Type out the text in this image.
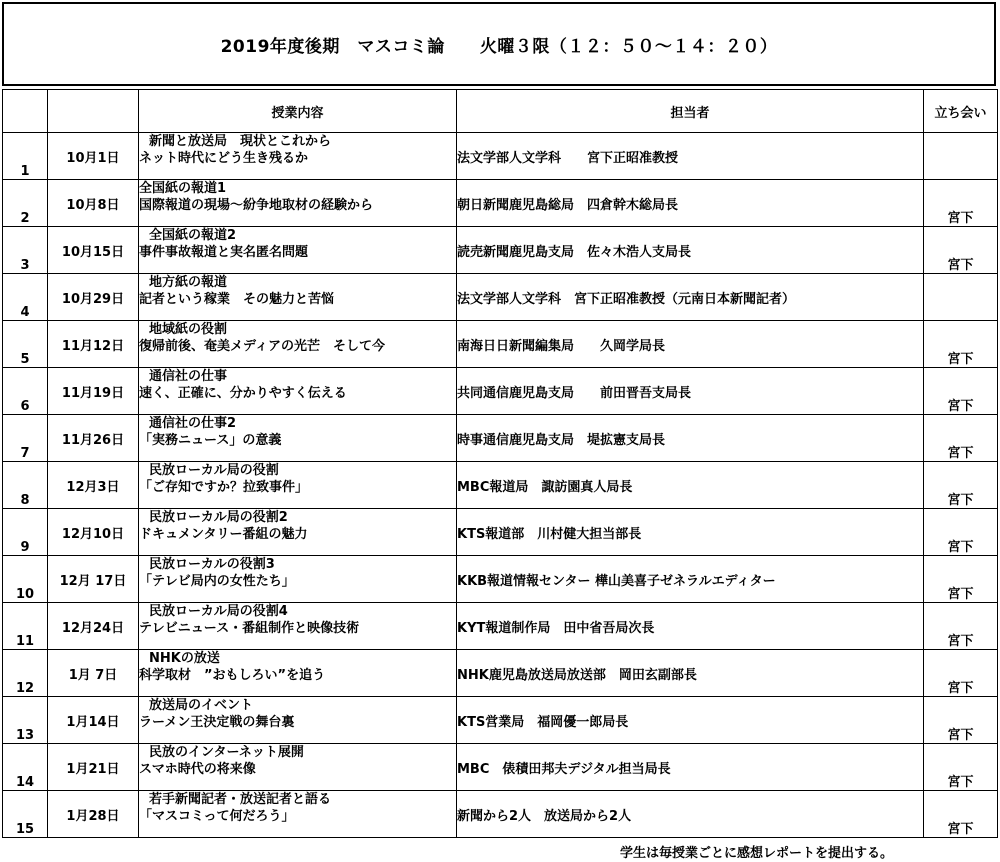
2019年度後期　マスコミ論　　火曜３限（１２：５０～１４：２０）
		授業内容	担当者	立ち会い
1	10月1日	新聞と放送局　現状とこれから
ネット時代にどう生き残るか	法文学部人文学科　　宮下正昭准教授	
2	10月8日	全国紙の報道1
国際報道の現場～紛争地取材の経験から	朝日新聞鹿児島総局　四倉幹木総局長	宮下
3	10月15日	全国紙の報道2
事件事故報道と実名匿名問題	読売新聞鹿児島支局　佐々木浩人支局長	宮下
4	10月29日	地方紙の報道
記者という稼業　その魅力と苦悩	法文学部人文学科　宮下正昭准教授（元南日本新聞記者）	
5	11月12日	地域紙の役割
復帰前後、奄美メディアの光芒　そして今	南海日日新聞編集局　　久岡学局長	宮下
6	11月19日	通信社の仕事
速く、正確に、分かりやすく伝える	共同通信鹿児島支局　　前田晋吾支局長	宮下
7	11月26日	通信社の仕事2
「実務ニュース」の意義	時事通信鹿児島支局　堤拡憲支局長	宮下
8	12月3日	民放ローカル局の役割
「ご存知ですか？拉致事件」	MBC報道局　諏訪園真人局長	宮下
9	12月10日	民放ローカル局の役割2
ドキュメンタリー番組の魅力	KTS報道部　川村健大担当部長	宮下
10	12月 17日	民放ローカルの役割3
「テレビ局内の女性たち」	KKB報道情報センター 樺山美喜子ゼネラルエディター	宮下
11	12月24日	民放ローカル局の役割4
テレビニュース・番組制作と映像技術	KYT報道制作局　田中省吾局次長	宮下
12	1月 7日	NHKの放送
科学取材　”おもしろい”を追う	NHK鹿児島放送局放送部　岡田玄副部長	宮下
13	1月14日	放送局のイベント
ラーメン王決定戦の舞台裏	KTS営業局　福岡優一郎局長	宮下
14	1月21日	民放のインターネット展開
スマホ時代の将来像	MBC　俵積田邦夫デジタル担当局長	宮下
15	1月28日	若手新聞記者・放送記者と語る
「マスコミって何だろう」	新聞から2人　放送局から2人	宮下
学生は毎授業ごとに感想レポートを提出する。
